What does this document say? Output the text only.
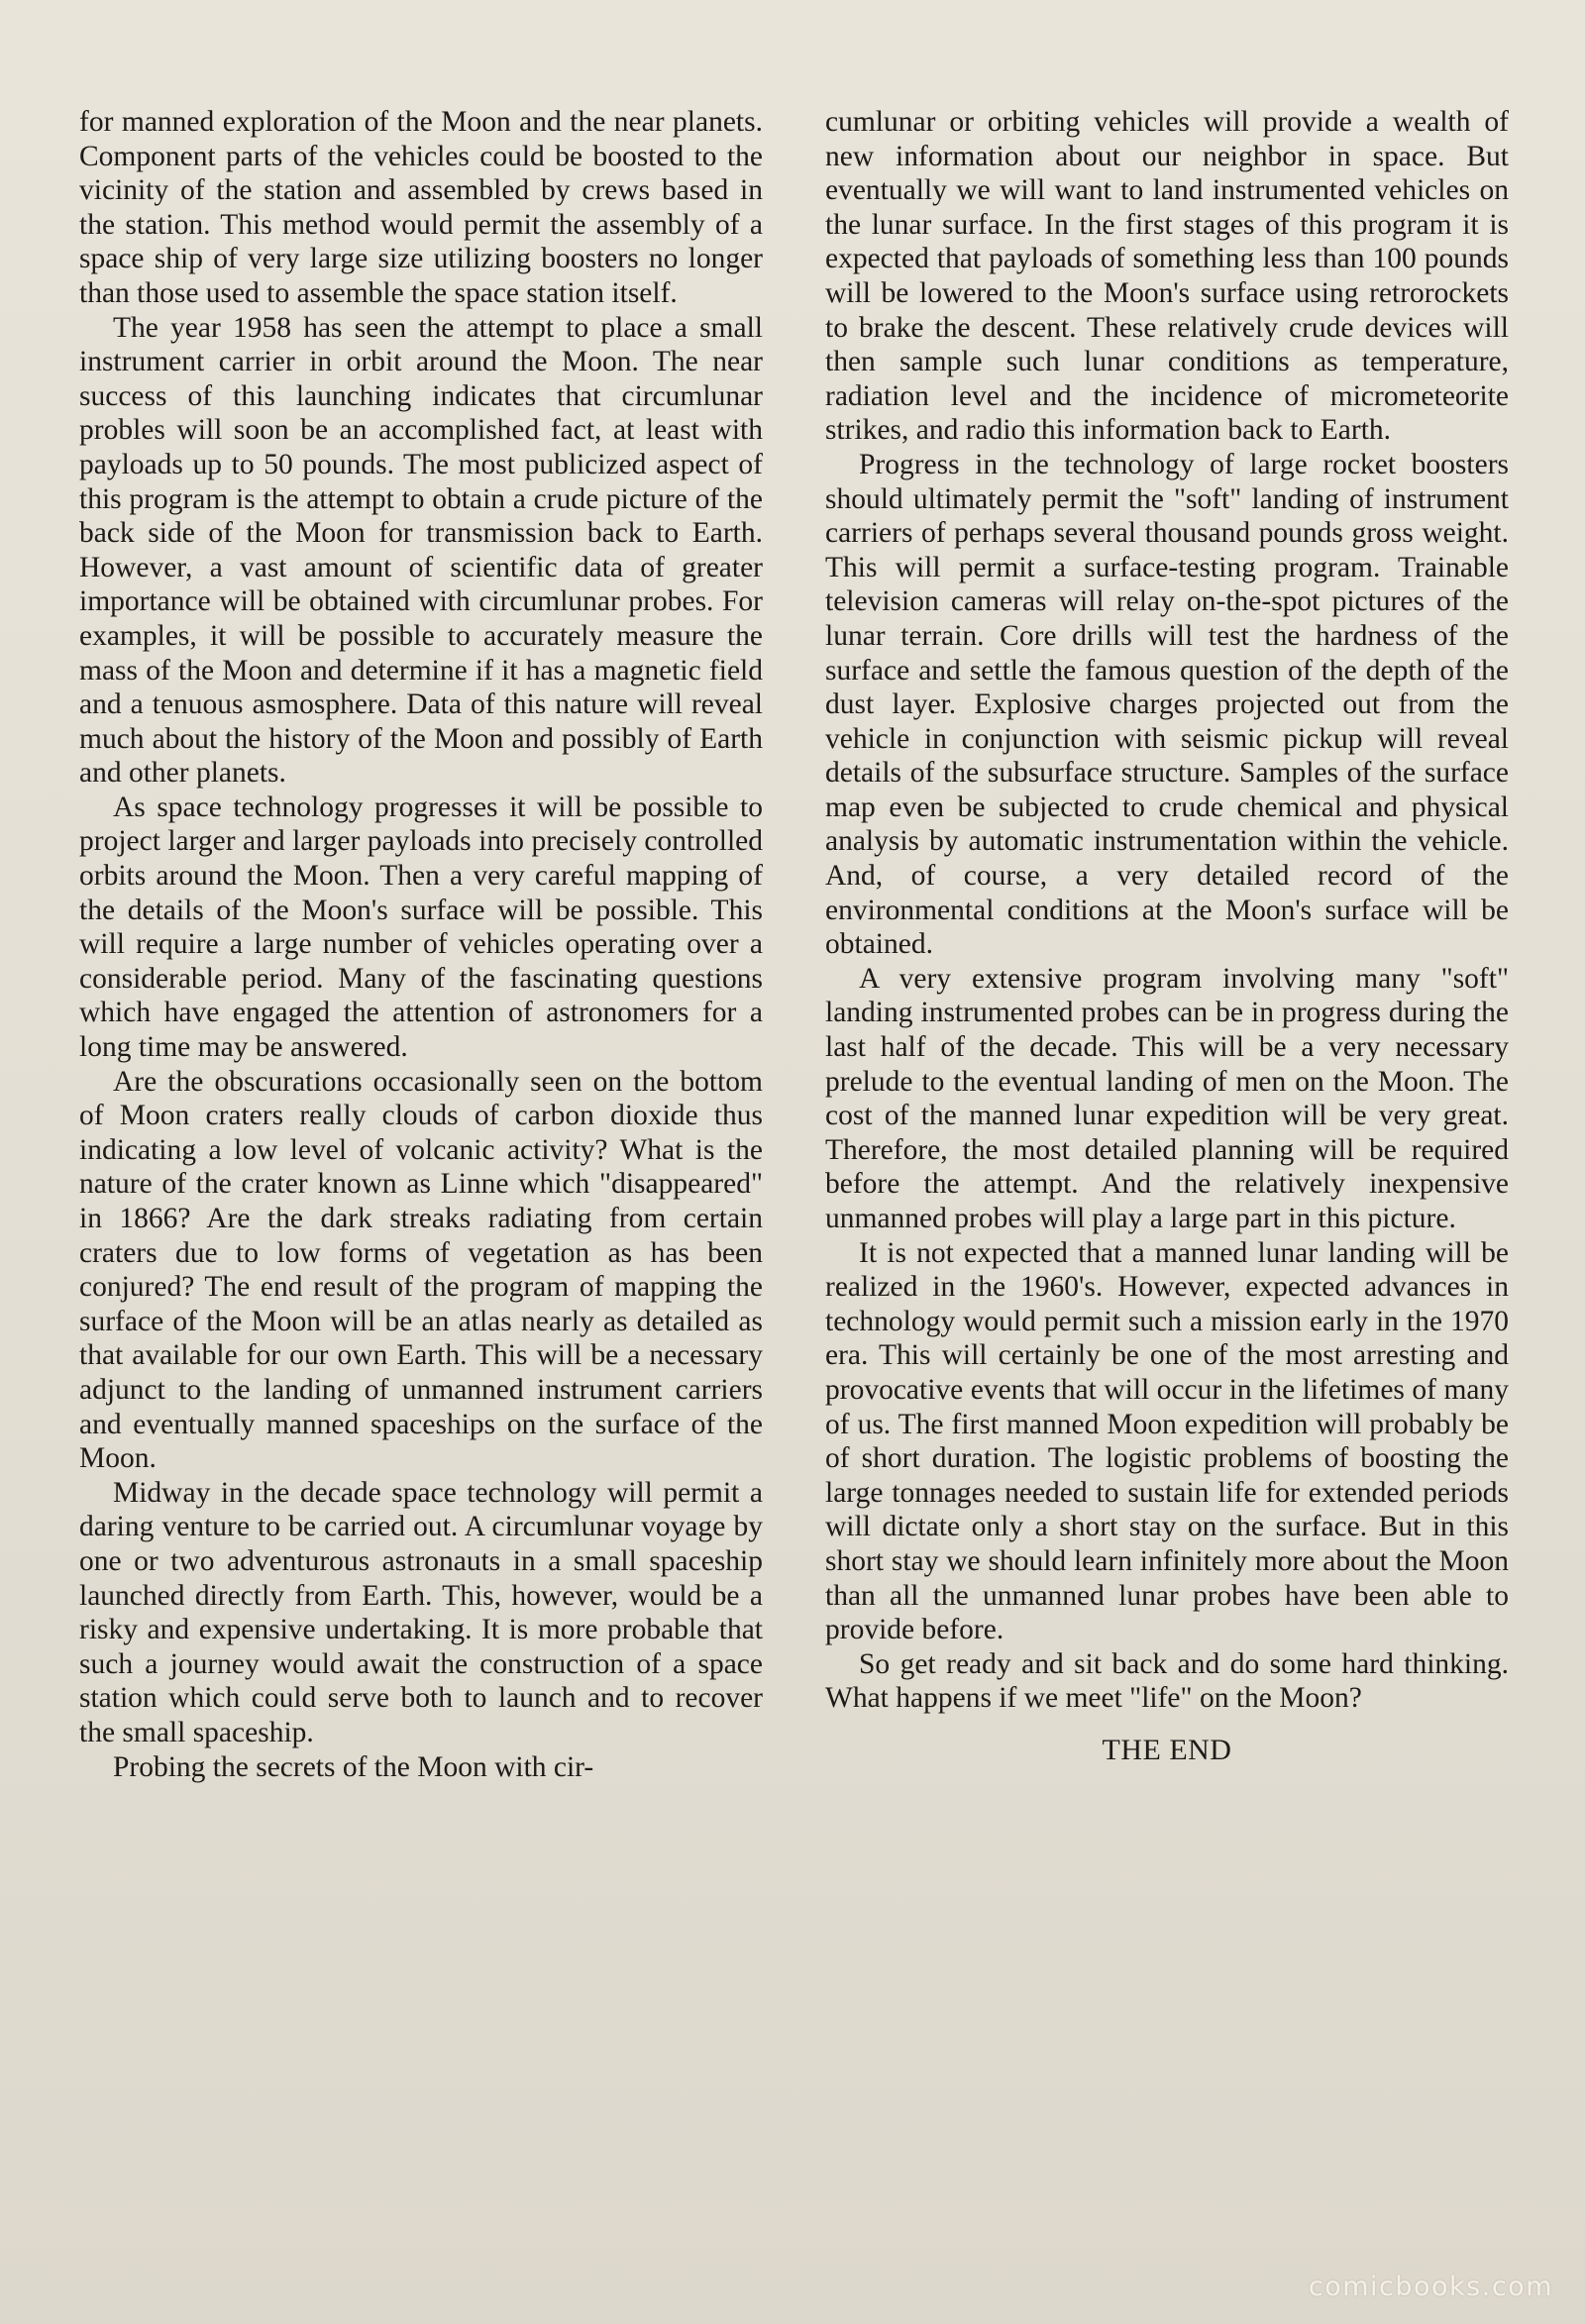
for manned exploration of the Moon and the near planets. Component parts of the vehicles could be boosted to the vicinity of the station and assembled by crews based in the station. This method would permit the assembly of a space ship of very large size utilizing boosters no longer than those used to assemble the space station itself.

The year 1958 has seen the attempt to place a small instrument carrier in orbit around the Moon. The near success of this launching indicates that circumlunar probles will soon be an accomplished fact, at least with payloads up to 50 pounds. The most publicized aspect of this program is the attempt to obtain a crude picture of the back side of the Moon for transmission back to Earth. However, a vast amount of scientific data of greater importance will be obtained with circumlunar probes. For examples, it will be possible to accurately measure the mass of the Moon and determine if it has a magnetic field and a tenuous asmosphere. Data of this nature will reveal much about the history of the Moon and possibly of Earth and other planets.

As space technology progresses it will be possible to project larger and larger payloads into precisely controlled orbits around the Moon. Then a very careful mapping of the details of the Moon's surface will be possible. This will require a large number of vehicles operating over a considerable period. Many of the fascinating questions which have engaged the attention of astronomers for a long time may be answered.

Are the obscurations occasionally seen on the bottom of Moon craters really clouds of carbon dioxide thus indicating a low level of volcanic activity? What is the nature of the crater known as Linne which "disappeared" in 1866? Are the dark streaks radiating from certain craters due to low forms of vegetation as has been conjured? The end result of the program of mapping the surface of the Moon will be an atlas nearly as detailed as that available for our own Earth. This will be a necessary adjunct to the landing of unmanned instrument carriers and eventually manned spaceships on the surface of the Moon.

Midway in the decade space technology will permit a daring venture to be carried out. A circumlunar voyage by one or two adventurous astronauts in a small spaceship launched directly from Earth. This, however, would be a risky and expensive undertaking. It is more probable that such a journey would await the construction of a space station which could serve both to launch and to recover the small spaceship.

Probing the secrets of the Moon with cir-

cumlunar or orbiting vehicles will provide a wealth of new information about our neighbor in space. But eventually we will want to land instrumented vehicles on the lunar surface. In the first stages of this program it is expected that payloads of something less than 100 pounds will be lowered to the Moon's surface using retrorockets to brake the descent. These relatively crude devices will then sample such lunar conditions as temperature, radiation level and the incidence of micrometeorite strikes, and radio this information back to Earth.

Progress in the technology of large rocket boosters should ultimately permit the "soft" landing of instrument carriers of perhaps several thousand pounds gross weight. This will permit a surface-testing program. Trainable television cameras will relay on-the-spot pictures of the lunar terrain. Core drills will test the hardness of the surface and settle the famous question of the depth of the dust layer. Explosive charges projected out from the vehicle in conjunction with seismic pickup will reveal details of the subsurface structure. Samples of the surface map even be subjected to crude chemical and physical analysis by automatic instrumentation within the vehicle. And, of course, a very detailed record of the environmental conditions at the Moon's surface will be obtained.

A very extensive program involving many "soft" landing instrumented probes can be in progress during the last half of the decade. This will be a very necessary prelude to the eventual landing of men on the Moon. The cost of the manned lunar expedition will be very great. Therefore, the most detailed planning will be required before the attempt. And the relatively inexpensive unmanned probes will play a large part in this picture.

It is not expected that a manned lunar landing will be realized in the 1960's. However, expected advances in technology would permit such a mission early in the 1970 era. This will certainly be one of the most arresting and provocative events that will occur in the lifetimes of many of us. The first manned Moon expedition will probably be of short duration. The logistic problems of boosting the large tonnages needed to sustain life for extended periods will dictate only a short stay on the surface. But in this short stay we should learn infinitely more about the Moon than all the unmanned lunar probes have been able to provide before.

So get ready and sit back and do some hard thinking. What happens if we meet "life" on the Moon?

THE END

comicbooks.com
